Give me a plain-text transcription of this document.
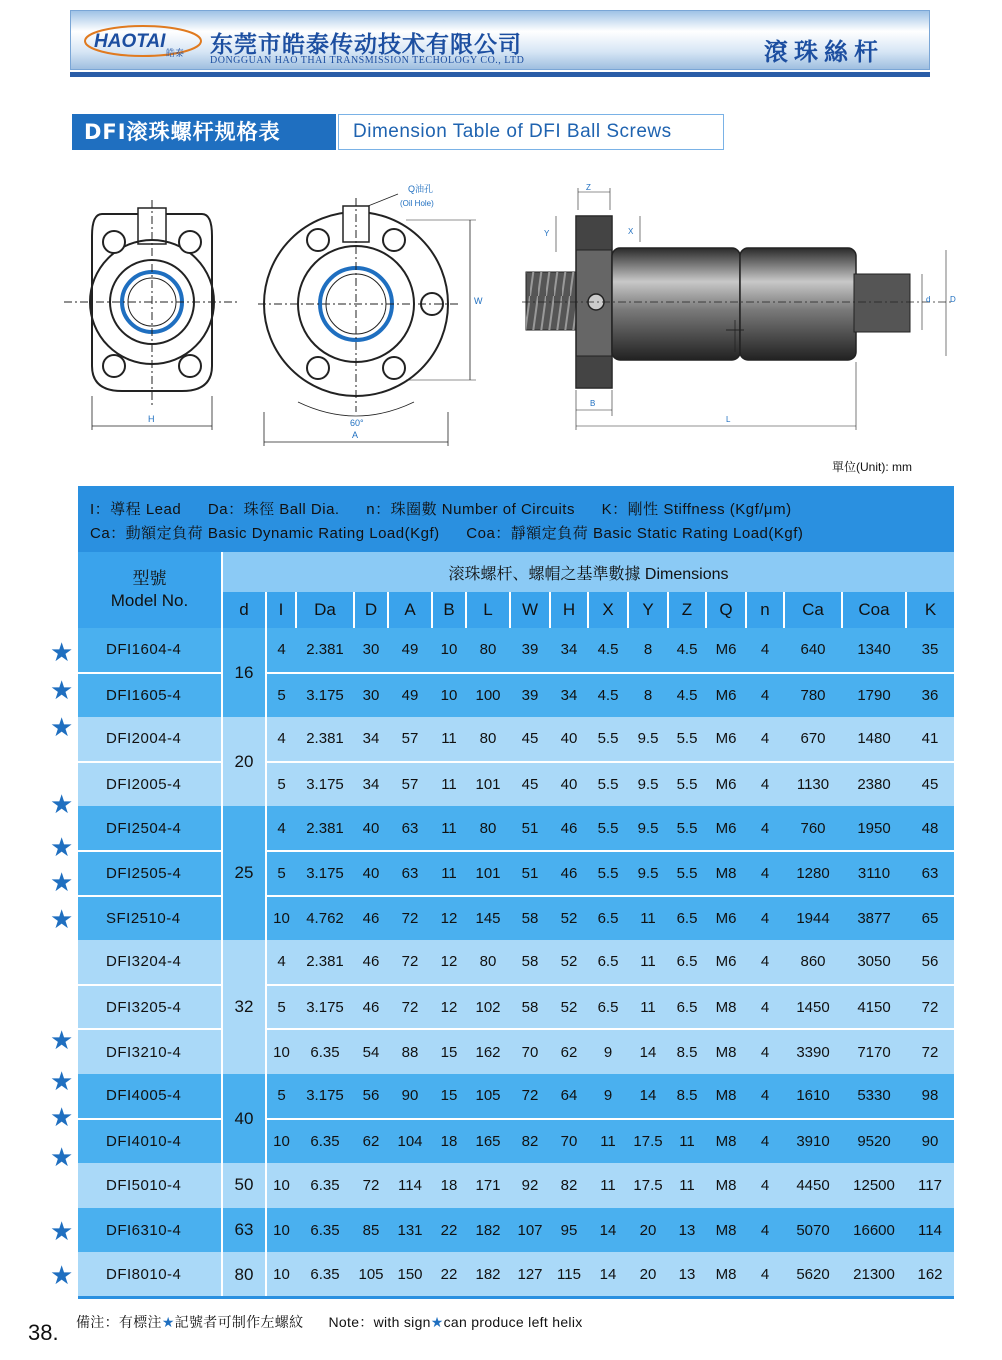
HAOTAI
皓泰 东莞市皓泰传动技术有限公司
DONGGUAN HAO THAI TRANSMISSION TECHOLOGY CO., LTD	滾珠絲杆
DFI滚珠螺杆规格表	Dimension Table of DFI Ball Screws
H
Q油孔
(Oil Hole)
60°
A
W
Z
Y	X
d D
B
L
單位(Unit): mm
I：導程 Lead Da：珠徑 Ball Dia. n：珠圈數 Number of Circuits K：剛性 Stiffness (Kgf/μm)
Ca：動額定負荷 Basic Dynamic Rating Load(Kgf) Coa：靜額定負荷 Basic Static Rating Load(Kgf)
型號
Model No.	滚珠螺杆、螺帽之基準數據 Dimensions																
	d	I	Da	D	A	B	L	W	H	X	Y	Z	Q	n	Ca	Coa	K
DFI1604-4	16	4	2.381	30	49	10	80	39	34	4.5	8	4.5	M6	4	640	1340	35
DFI1605-4		5	3.175	30	49	10	100	39	34	4.5	8	4.5	M6	4	780	1790	36
DFI2004-4	20	4	2.381	34	57	11	80	45	40	5.5	9.5	5.5	M6	4	670	1480	41
DFI2005-4		5	3.175	34	57	11	101	45	40	5.5	9.5	5.5	M6	4	1130	2380	45
DFI2504-4	25	4	2.381	40	63	11	80	51	46	5.5	9.5	5.5	M6	4	760	1950	48
DFI2505-4		5	3.175	40	63	11	101	51	46	5.5	9.5	5.5	M8	4	1280	3110	63
SFI2510-4		10	4.762	46	72	12	145	58	52	6.5	11	6.5	M6	4	1944	3877	65
DFI3204-4	32	4	2.381	46	72	12	80	58	52	6.5	11	6.5	M6	4	860	3050	56
DFI3205-4		5	3.175	46	72	12	102	58	52	6.5	11	6.5	M8	4	1450	4150	72
DFI3210-4		10	6.35	54	88	15	162	70	62	9	14	8.5	M8	4	3390	7170	72
DFI4005-4	40	5	3.175	56	90	15	105	72	64	9	14	8.5	M8	4	1610	5330	98
DFI4010-4		10	6.35	62	104	18	165	82	70	11	17.5	11	M8	4	3910	9520	90
DFI5010-4	50	10	6.35	72	114	18	171	92	82	11	17.5	11	M8	4	4450	12500	117
DFI6310-4	63	10	6.35	85	131	22	182	107	95	14	20	13	M8	4	5070	16600	114
DFI8010-4	80	10	6.35	105	150	22	182	127	115	14	20	13	M8	4	5620	21300	162
★
★
★
★
★
★
★
★
★
★
★
★
★
備注：有標注★記號者可制作左螺紋 Note：with sign★can produce left helix
38.
